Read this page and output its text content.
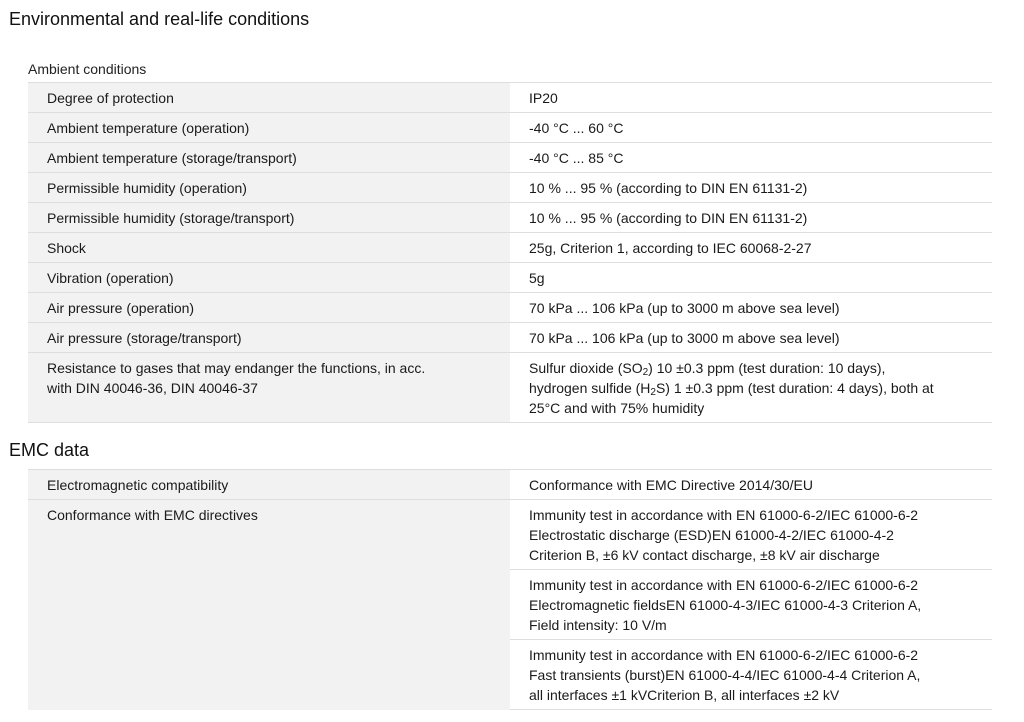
Environmental and real-life conditions
Ambient conditions
Degree of protection	IP20
Ambient temperature (operation)	-40 °C ... 60 °C
Ambient temperature (storage/transport)	-40 °C ... 85 °C
Permissible humidity (operation)	10 % ... 95 % (according to DIN EN 61131-2)
Permissible humidity (storage/transport)	10 % ... 95 % (according to DIN EN 61131-2)
Shock	25g, Criterion 1, according to IEC 60068-2-27
Vibration (operation)	5g
Air pressure (operation)	70 kPa ... 106 kPa (up to 3000 m above sea level)
Air pressure (storage/transport)	70 kPa ... 106 kPa (up to 3000 m above sea level)

Resistance to gases that may endanger the functions, in acc.
with DIN 40046-36, DIN 40046-37	Sulfur dioxide $(SO_2)$ 10 ±0.3 ppm (test duration: 10 days),
hydrogen sulfide $(H_2S)$ 1 ±0.3 ppm (test duration: 4 days), both at
25°C and with 75% humidity
EMC data
Electromagnetic compatibility	Conformance with EMC Directive 2014/30/EU
Conformance with EMC directives	Immunity test in accordance with EN 61000-6-2/IEC 61000-6-2
Electrostatic discharge (ESD)EN 61000-4-2/IEC 61000-4-2
Criterion B, ±6 kV contact discharge, ±8 kV air discharge

	Immunity test in accordance with EN 61000-6-2/IEC 61000-6-2
Electromagnetic fieldsEN 61000-4-3/IEC 61000-4-3 Criterion A,
Field intensity: 10 V/m

	Immunity test in accordance with EN 61000-6-2/IEC 61000-6-2
Fast transients (burst)EN 61000-4-4/IEC 61000-4-4 Criterion A,
all interfaces ±1 kVCriterion B, all interfaces ±2 kV
